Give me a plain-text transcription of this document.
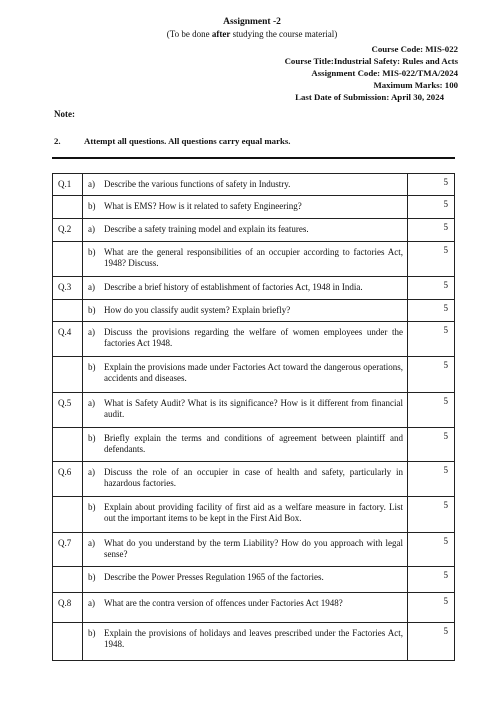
Assignment -2
(To be done after studying the course material)
Course Code: MIS-022
Course Title:Industrial Safety: Rules and Acts
Assignment Code: MIS-022/TMA/2024
Maximum Marks: 100
Last Date of Submission: April 30, 2024
Note:
2.	Attempt all questions. All questions carry equal marks.
Q.1	a) Describe the various functions of safety in Industry.	5

	b) What is EMS? How is it related to safety Engineering?	5

Q.2	a) Describe a safety training model and explain its features.	5

	b) What are the general responsibilities of an occupier according to factories Act, 1948? Discuss.	5

Q.3	a) Describe a brief history of establishment of factories Act, 1948 in India.	5

	b) How do you classify audit system? Explain briefly?	5

Q.4	a) Discuss the provisions regarding the welfare of women employees under the factories Act 1948.	5

	b) Explain the provisions made under Factories Act toward the dangerous operations, accidents and diseases.	5

Q.5	a) What is Safety Audit? What is its significance? How is it different from financial audit.	5

	b) Briefly explain the terms and conditions of agreement between plaintiff and defendants.	5

Q.6	a) Discuss the role of an occupier in case of health and safety, particularly in hazardous factories.	5

	b) Explain about providing facility of first aid as a welfare measure in factory. List out the important items to be kept in the First Aid Box.	5

Q.7	a) What do you understand by the term Liability? How do you approach with legal sense?	5

	b) Describe the Power Presses Regulation 1965 of the factories.	5

Q.8	a) What are the contra version of offences under Factories Act 1948?	5

	b) Explain the provisions of holidays and leaves prescribed under the Factories Act, 1948.	5
